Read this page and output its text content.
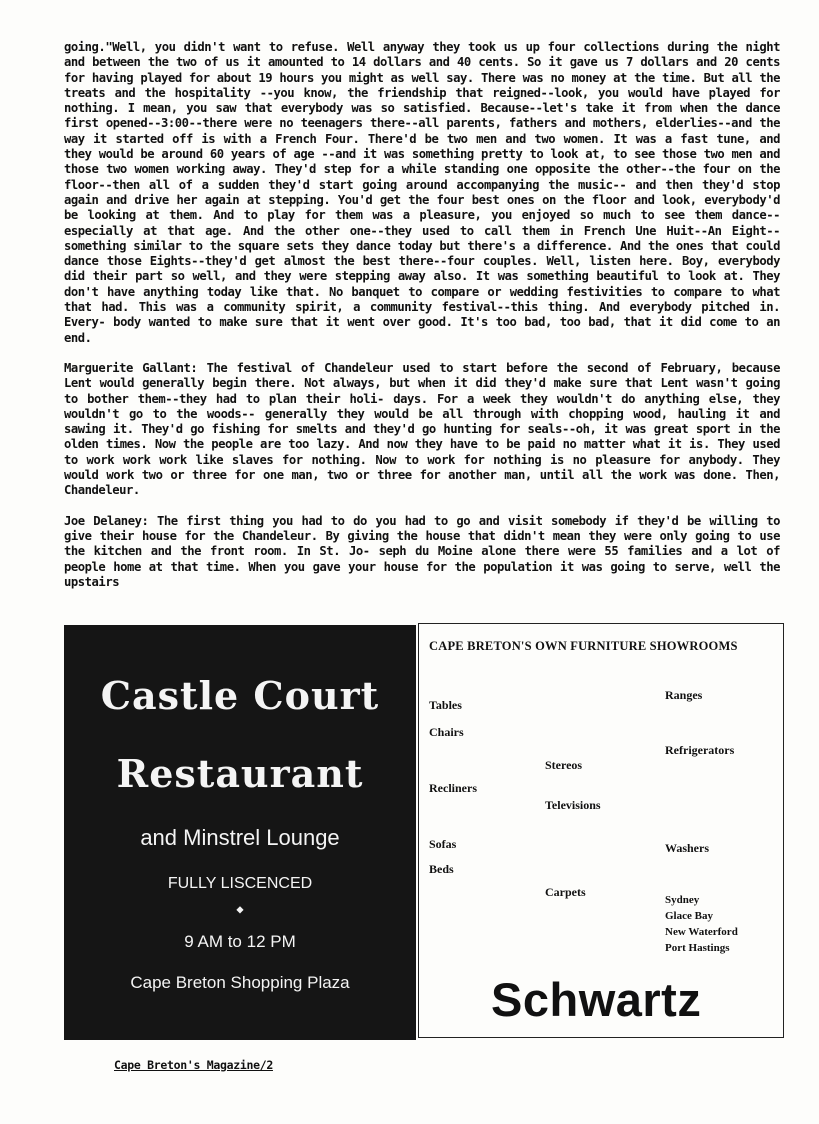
going."Well, you didn't want to refuse. Well anyway they took us up four collections during the night and between the two of us it amounted to 14 dollars and 40 cents. So it gave us 7 dollars and 20 cents for having played for about 19 hours you might as well say. There was no money at the time. But all the treats and the hospitality --you know, the friendship that reigned--look, you would have played for nothing. I mean, you saw that everybody was so satisfied. Because--let's take it from when the dance first opened--3:00--there were no teenagers there--all parents, fathers and mothers, elderlies--and the way it started off is with a French Four. There'd be two men and two women. It was a fast tune, and they would be around 60 years of age --and it was something pretty to look at, to see those two men and those two women working away. They'd step for a while standing one opposite the other--the four on the floor--then all of a sudden they'd start going around accompanying the music-- and then they'd stop again and drive her again at stepping. You'd get the four best ones on the floor and look, everybody'd be looking at them. And to play for them was a pleasure, you enjoyed so much to see them dance--especially at that age. And the other one--they used to call them in French Une Huit--An Eight--something similar to the square sets they dance today but there's a difference. And the ones that could dance those Eights--they'd get almost the best there--four couples. Well, listen here. Boy, everybody did their part so well, and they were stepping away also. It was something beautiful to look at. They don't have anything today like that. No banquet to compare or wedding festivities to compare to what that had. This was a community spirit, a community festival--this thing. And everybody pitched in. Every- body wanted to make sure that it went over good. It's too bad, too bad, that it did come to an end.

Marguerite Gallant: The festival of Chandeleur used to start before the second of February, because Lent would generally begin there. Not always, but when it did they'd make sure that Lent wasn't going to bother them--they had to plan their holi- days. For a week they wouldn't do anything else, they wouldn't go to the woods-- generally they would be all through with chopping wood, hauling it and sawing it. They'd go fishing for smelts and they'd go hunting for seals--oh, it was great sport in the olden times. Now the people are too lazy. And now they have to be paid no matter what it is. They used to work work work like slaves for nothing. Now to work for nothing is no pleasure for anybody. They would work two or three for one man, two or three for another man, until all the work was done. Then, Chandeleur.

Joe Delaney: The first thing you had to do you had to go and visit somebody if they'd be willing to give their house for the Chandeleur. By giving the house that didn't mean they were only going to use the kitchen and the front room. In St. Jo- seph du Moine alone there were 55 families and a lot of people home at that time. When you gave your house for the population it was going to serve, well the upstairs

Castle Court
Restaurant
and Minstrel Lounge
FULLY LISCENCED
◆
9 AM to 12 PM
Cape Breton Shopping Plaza
CAPE BRETON'S OWN FURNITURE SHOWROOMS
Tables
Chairs
Recliners
Sofas
Beds
Stereos
Televisions
Carpets
Ranges
Refrigerators
Washers
Sydney
Glace Bay
New Waterford
Port Hastings
Schwartz
Cape Breton's Magazine/2
